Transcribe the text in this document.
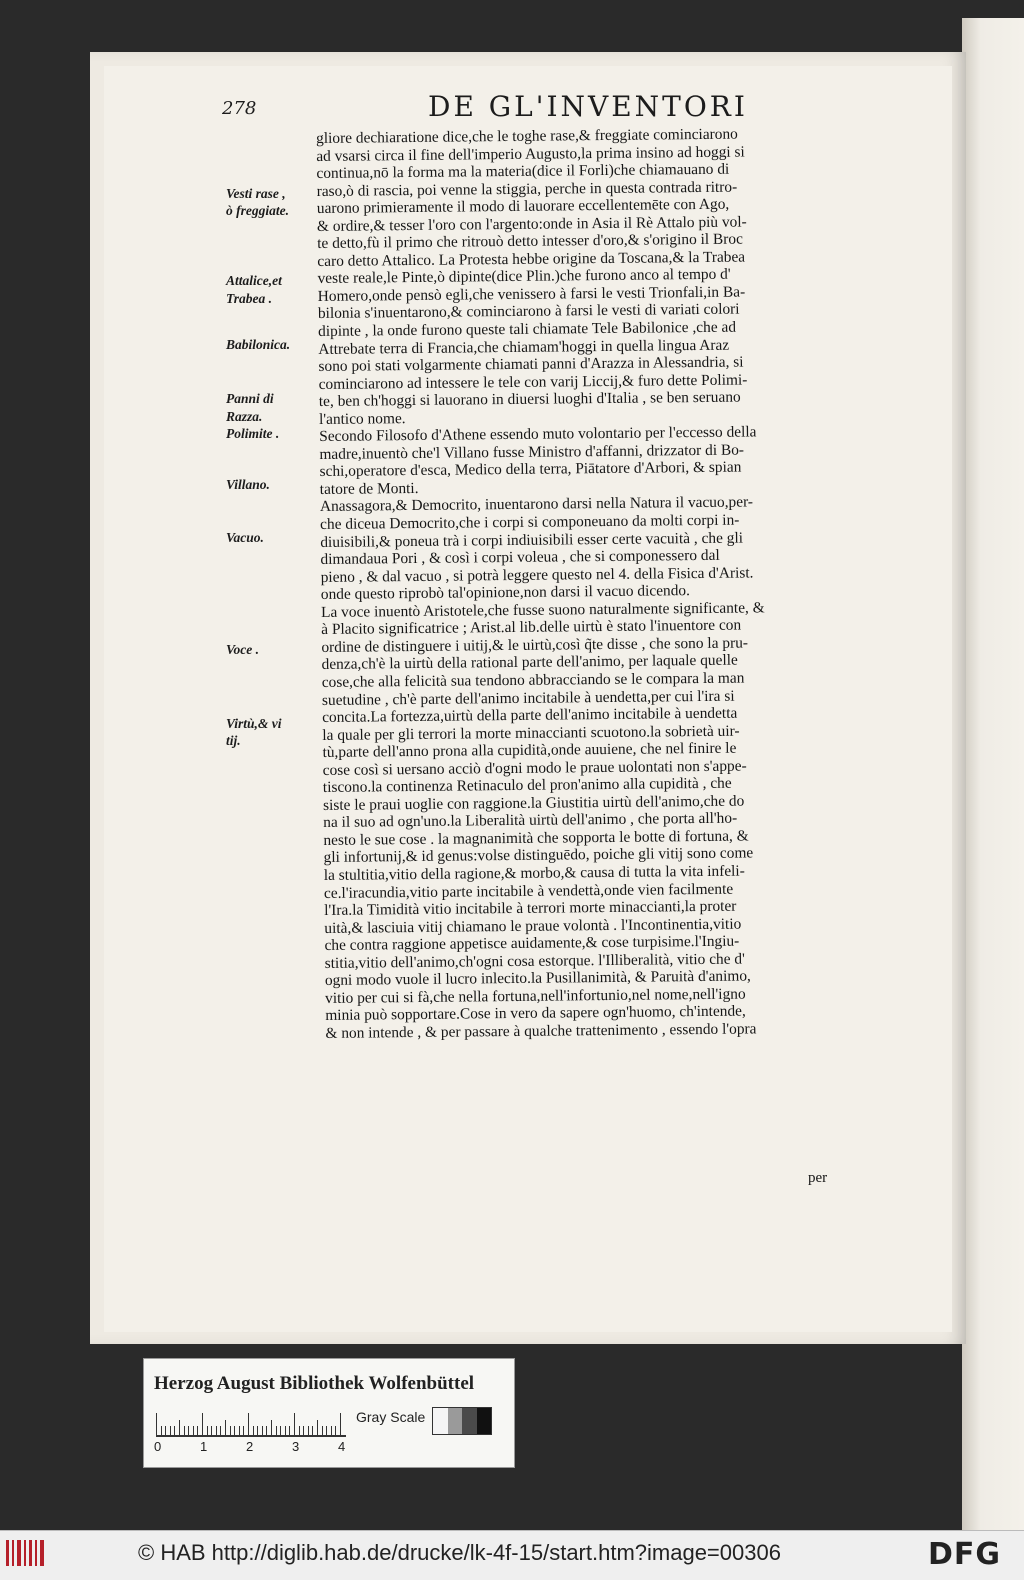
278	DE GL'INVENTORI
Vesti rase ,
ò freggiate.
Attalice,et
Trabea .
Babilonica.
Panni di
Razza.
Polimite .
Villano.
Vacuo.
Voce .
Virtù,& vi
tij.
gliore dechiaratione dice,che le toghe rase,& freggiate cominciarono
ad vsarsi circa il fine dell'imperio Augusto,la prima insino ad hoggi si
continua,nō la forma ma la materia(dice il Forli)che chiamauano di
raso,ò di rascia, poi venne la stiggia, perche in questa contrada ritro-
uarono primieramente il modo di lauorare eccellentemēte con Ago,
& ordire,& tesser l'oro con l'argento:onde in Asia il Rè Attalo più vol-
te detto,fù il primo che ritrouò detto intesser d'oro,& s'origino il Broc
caro detto Attalico. La Protesta hebbe origine da Toscana,& la Trabea
veste reale,le Pinte,ò dipinte(dice Plin.)che furono anco al tempo d'
Homero,onde pensò egli,che venissero à farsi le vesti Trionfali,in Ba-
bilonia s'inuentarono,& cominciarono à farsi le vesti di variati colori
dipinte , la onde furono queste tali chiamate Tele Babilonice ,che ad
Attrebate terra di Francia,che chiamam'hoggi in quella lingua Araz
sono poi stati volgarmente chiamati panni d'Arazza in Alessandria, si
cominciarono ad intessere le tele con varij Liccij,& furo dette Polimi-
te, ben ch'hoggi si lauorano in diuersi luoghi d'Italia , se ben seruano
l'antico nome.
Secondo Filosofo d'Athene essendo muto volontario per l'eccesso della
madre,inuentò che'l Villano fusse Ministro d'affanni, drizzator di Bo-
schi,operatore d'esca, Medico della terra, Piātatore d'Arbori, & spian
tatore de Monti.
Anassagora,& Democrito, inuentarono darsi nella Natura il vacuo,per-
che diceua Democrito,che i corpi si componeuano da molti corpi in-
diuisibili,& poneua trà i corpi indiuisibili esser certe vacuità , che gli
dimandaua Pori , & così i corpi voleua , che si componessero dal
pieno , & dal vacuo , si potrà leggere questo nel 4. della Fisica d'Arist.
onde questo riprobò tal'opinione,non darsi il vacuo dicendo.
La voce inuentò Aristotele,che fusse suono naturalmente significante, &
à Placito significatrice ; Arist.al lib.delle uirtù è stato l'inuentore con
ordine de distinguere i uitij,& le uirtù,così q̃te disse , che sono la pru-
denza,ch'è la uirtù della rational parte dell'animo, per laquale quelle
cose,che alla felicità sua tendono abbracciando se le compara la man
suetudine , ch'è parte dell'animo incitabile à uendetta,per cui l'ira si
concita.La fortezza,uirtù della parte dell'animo incitabile à uendetta
la quale per gli terrori la morte minaccianti scuotono.la sobrietà uir-
tù,parte dell'anno prona alla cupidità,onde auuiene, che nel finire le
cose così si uersano acciò d'ogni modo le praue uolontati non s'appe-
tiscono.la continenza Retinaculo del pron'animo alla cupidità , che
siste le praui uoglie con raggione.la Giustitia uirtù dell'animo,che do
na il suo ad ogn'uno.la Liberalità uirtù dell'animo , che porta all'ho-
nesto le sue cose . la magnanimità che sopporta le botte di fortuna, &
gli infortunij,& id genus:volse distinguēdo, poiche gli vitij sono come
la stultitia,vitio della ragione,& morbo,& causa di tutta la vita infeli-
ce.l'iracundia,vitio parte incitabile à vendettà,onde vien facilmente
l'Ira.la Timidità vitio incitabile à terrori morte minaccianti,la proter
uità,& lasciuia vitij chiamano le praue volontà . l'Incontinentia,vitio
che contra raggione appetisce auidamente,& cose turpisime.l'Ingiu-
stitia,vitio dell'animo,ch'ogni cosa estorque. l'Illiberalità, vitio che d'
ogni modo vuole il lucro inlecito.la Pusillanimità, & Paruità d'animo,
vitio per cui si fà,che nella fortuna,nell'infortunio,nel nome,nell'igno
minia può sopportare.Cose in vero da sapere ogn'huomo, ch'intende,
& non intende , & per passare à qualche trattenimento , essendo l'opra
per
Herzog August Bibliothek Wolfenbüttel
0	1	2	3	4
Gray Scale
© HAB http://diglib.hab.de/drucke/lk-4f-15/start.htm?image=00306	DFG
